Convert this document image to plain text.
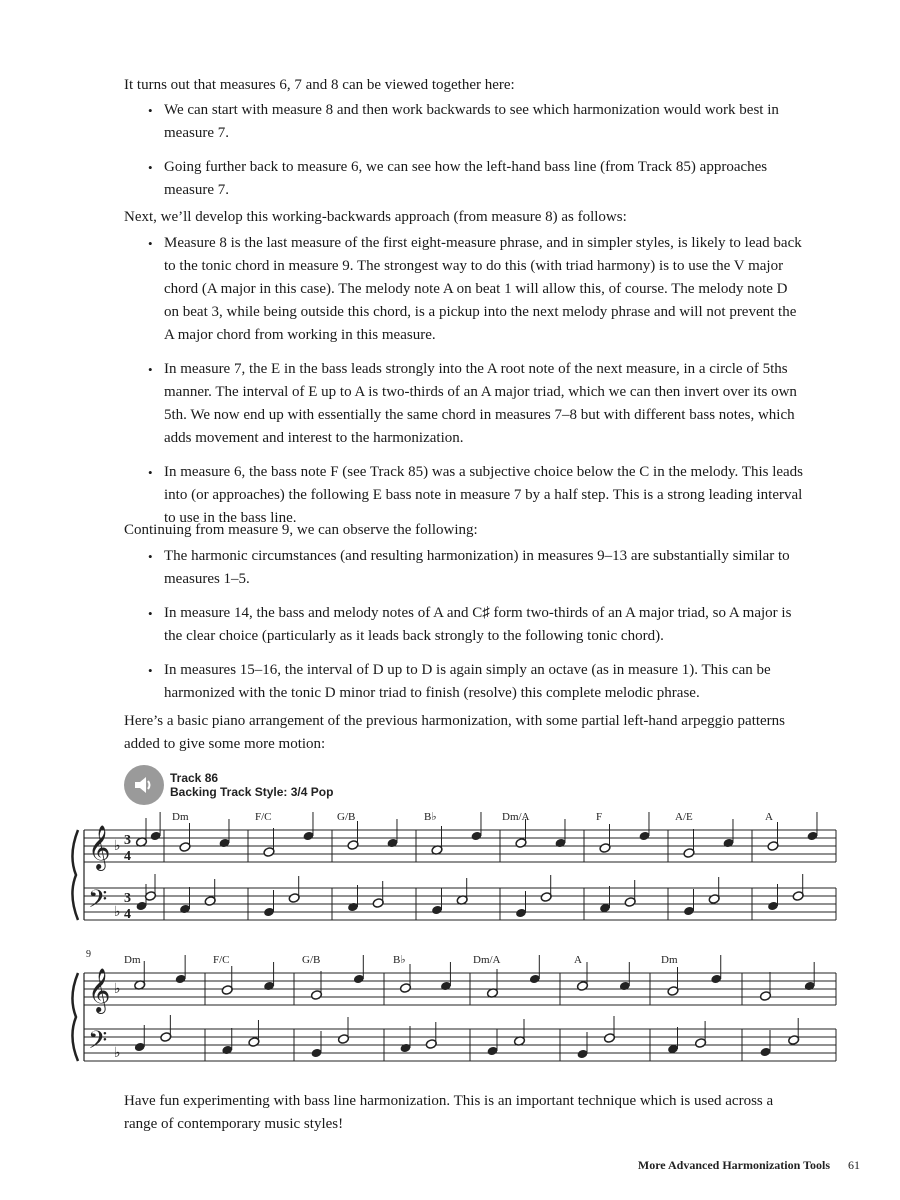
It turns out that measures 6, 7 and 8 can be viewed together here:

• We can start with measure 8 and then work backwards to see which harmonization would work best in measure 7.
• Going further back to measure 6, we can see how the left-hand bass line (from Track 85) approaches measure 7.

Next, we’ll develop this working-backwards approach (from measure 8) as follows:

• Measure 8 is the last measure of the first eight-measure phrase, and in simpler styles, is likely to lead back to the tonic chord in measure 9. The strongest way to do this (with triad harmony) is to use the V major chord (A major in this case). The melody note A on beat 1 will allow this, of course. The melody note D on beat 3, while being outside this chord, is a pickup into the next melody phrase and will not prevent the A major chord from working in this measure.
• In measure 7, the E in the bass leads strongly into the A root note of the next measure, in a circle of 5ths manner. The interval of E up to A is two-thirds of an A major triad, which we can then invert over its own 5th. We now end up with essentially the same chord in measures 7–8 but with different bass notes, which adds movement and interest to the harmonization.
• In measure 6, the bass note F (see Track 85) was a subjective choice below the C in the melody. This leads into (or approaches) the following E bass note in measure 7 by a half step. This is a strong leading interval to use in the bass line.

Continuing from measure 9, we can observe the following:

• The harmonic circumstances (and resulting harmonization) in measures 9–13 are substantially similar to measures 1–5.
• In measure 14, the bass and melody notes of A and C♯ form two-thirds of an A major triad, so A major is the clear choice (particularly as it leads back strongly to the following tonic chord).
• In measures 15–16, the interval of D up to D is again simply an octave (as in measure 1). This can be harmonized with the tonic D minor triad to finish (resolve) this complete melodic phrase.

Here’s a basic piano arrangement of the previous harmonization, with some partial left-hand arpeggio patterns added to give some more motion:

Track 86
Backing Track Style: 3/4 Pop
Dm	F/C	G/B	B♭	Dm/A	F	A/E	A
𝄞
𝄢
♭
♭
3
4
3
4
9	Dm	F/C	G/B	B♭	Dm/A	A	Dm
𝄞
𝄢
♭
♭

Have fun experimenting with bass line harmonization. This is an important technique which is used across a range of contemporary music styles!

More Advanced Harmonization Tools 61
